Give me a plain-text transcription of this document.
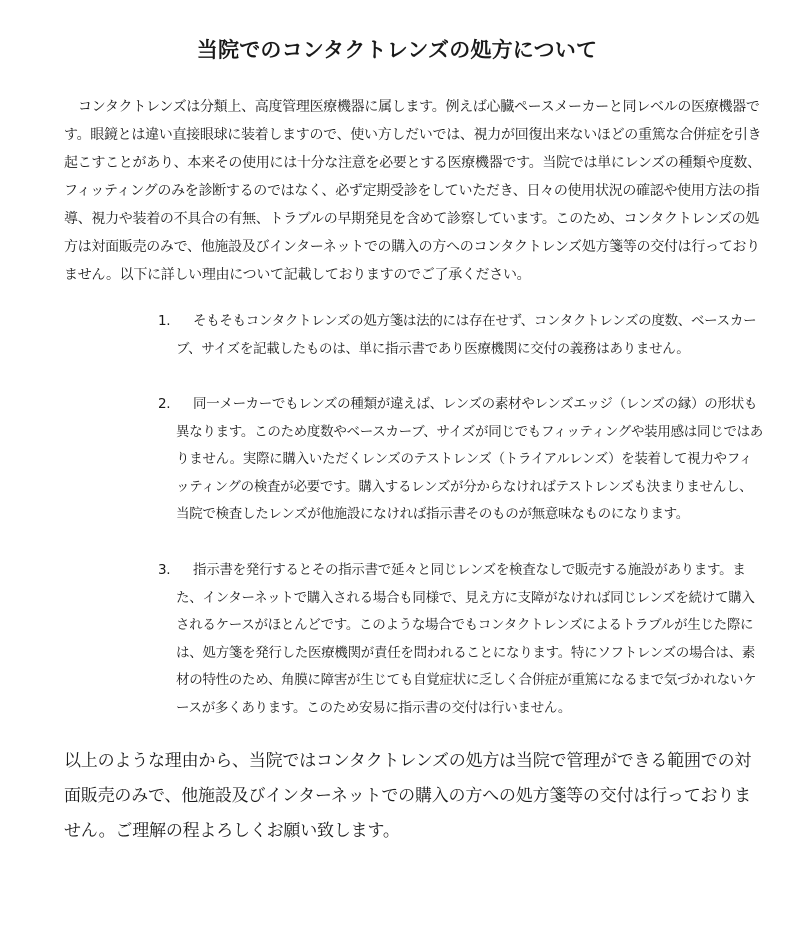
当院でのコンタクトレンズの処方について

コンタクトレンズは分類上、高度管理医療機器に属します。例えば心臓ペースメーカーと同レベルの医療機器です。眼鏡とは違い直接眼球に装着しますので、使い方しだいでは、視力が回復出来ないほどの重篤な合併症を引き起こすことがあり、本来その使用には十分な注意を必要とする医療機器です。当院では単にレンズの種類や度数、フィッティングのみを診断するのではなく、必ず定期受診をしていただき、日々の使用状況の確認や使用方法の指導、視力や装着の不具合の有無、トラブルの早期発見を含めて診察しています。このため、コンタクトレンズの処方は対面販売のみで、他施設及びインターネットでの購入の方へのコンタクトレンズ処方箋等の交付は行っておりません。以下に詳しい理由について記載しておりますのでご了承ください。

1.	そもそもコンタクトレンズの処方箋は法的には存在せず、コンタクトレンズの度数、ベースカーブ、サイズを記載したものは、単に指示書であり医療機関に交付の義務はありません。
2.	同一メーカーでもレンズの種類が違えば、レンズの素材やレンズエッジ（レンズの縁）の形状も異なります。このため度数やベースカーブ、サイズが同じでもフィッティングや装用感は同じではありません。実際に購入いただくレンズのテストレンズ（トライアルレンズ）を装着して視力やフィッティングの検査が必要です。購入するレンズが分からなければテストレンズも決まりませんし、当院で検査したレンズが他施設になければ指示書そのものが無意味なものになります。
3.	指示書を発行するとその指示書で延々と同じレンズを検査なしで販売する施設があります。また、インターネットで購入される場合も同様で、見え方に支障がなければ同じレンズを続けて購入されるケースがほとんどです。このような場合でもコンタクトレンズによるトラブルが生じた際には、処方箋を発行した医療機関が責任を問われることになります。特にソフトレンズの場合は、素材の特性のため、角膜に障害が生じても自覚症状に乏しく合併症が重篤になるまで気づかれないケースが多くあります。このため安易に指示書の交付は行いません。

以上のような理由から、当院ではコンタクトレンズの処方は当院で管理ができる範囲での対面販売のみで、他施設及びインターネットでの購入の方への処方箋等の交付は行っておりません。ご理解の程よろしくお願い致します。
